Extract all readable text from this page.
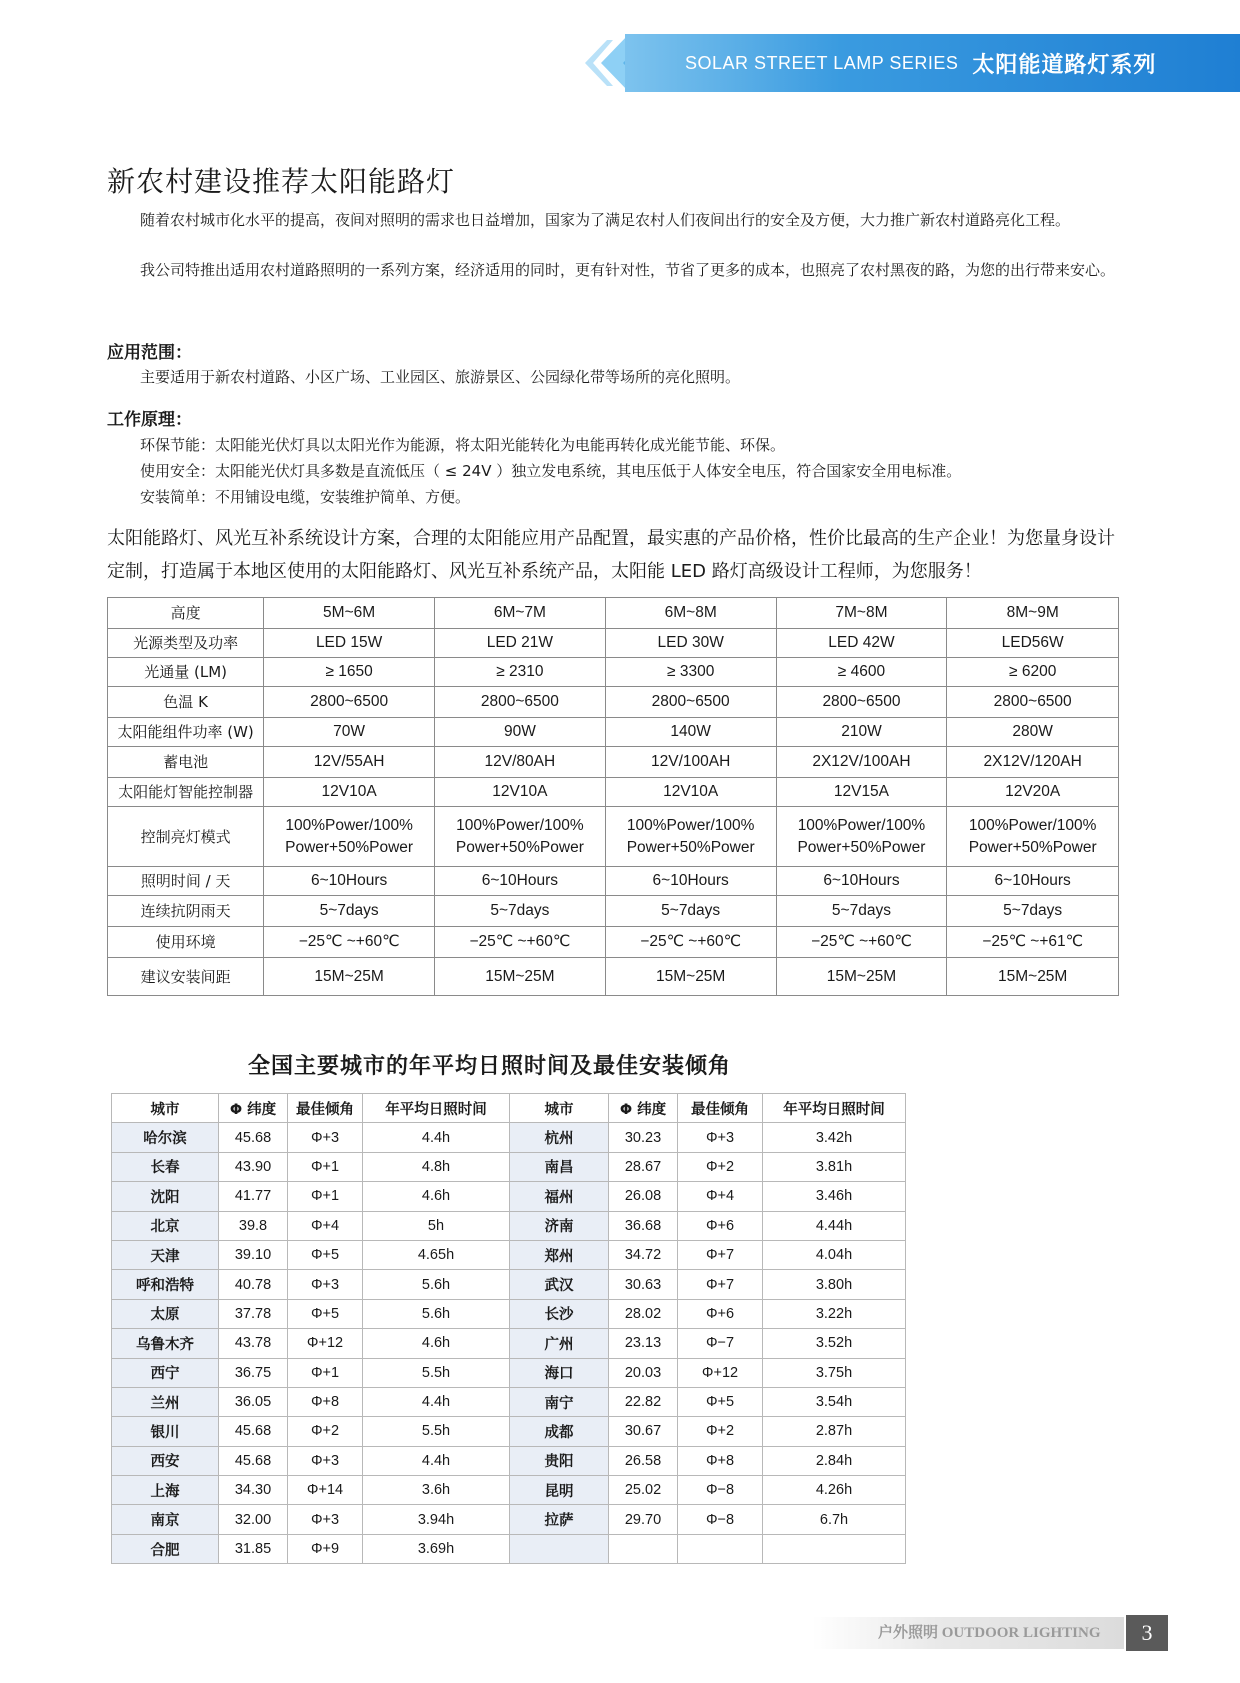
SOLAR STREET LAMP SERIES 太阳能道路灯系列
新农村建设推荐太阳能路灯

随着农村城市化水平的提高，夜间对照明的需求也日益增加，国家为了满足农村人们夜间出行的安全及方便，大力推广新农村道路亮化工程。

我公司特推出适用农村道路照明的一系列方案，经济适用的同时，更有针对性，节省了更多的成本，也照亮了农村黑夜的路，为您的出行带来安心。

应用范围：

主要适用于新农村道路、小区广场、工业园区、旅游景区、公园绿化带等场所的亮化照明。

工作原理：

环保节能：太阳能光伏灯具以太阳光作为能源，将太阳光能转化为电能再转化成光能节能、环保。

使用安全：太阳能光伏灯具多数是直流低压（ ≤ 24V ）独立发电系统，其电压低于人体安全电压，符合国家安全用电标准。

安装简单：不用铺设电缆，安装维护简单、方便。

太阳能路灯、风光互补系统设计方案，合理的太阳能应用产品配置，最实惠的产品价格，性价比最高的生产企业！为您量身设计定制，打造属于本地区使用的太阳能路灯、风光互补系统产品，太阳能 LED 路灯高级设计工程师，为您服务！

高度	5M~6M	6M~7M	6M~8M	7M~8M	8M~9M
光源类型及功率	LED 15W	LED 21W	LED 30W	LED 42W	LED56W
光通量 (LM)	≥ 1650	≥ 2310	≥ 3300	≥ 4600	≥ 6200
色温 K	2800~6500	2800~6500	2800~6500	2800~6500	2800~6500
太阳能组件功率 (W)	70W	90W	140W	210W	280W
蓄电池	12V/55AH	12V/80AH	12V/100AH	2X12V/100AH	2X12V/120AH
太阳能灯智能控制器	12V10A	12V10A	12V10A	12V15A	12V20A
控制亮灯模式	100%Power/100% Power+50%Power	100%Power/100% Power+50%Power	100%Power/100% Power+50%Power	100%Power/100% Power+50%Power	100%Power/100% Power+50%Power
照明时间 / 天	6~10Hours	6~10Hours	6~10Hours	6~10Hours	6~10Hours
连续抗阴雨天	5~7days	5~7days	5~7days	5~7days	5~7days
使用环境	−25℃ ~+60℃	−25℃ ~+60℃	−25℃ ~+60℃	−25℃ ~+60℃	−25℃ ~+61℃
建议安装间距	15M~25M	15M~25M	15M~25M	15M~25M	15M~25M
全国主要城市的年平均日照时间及最佳安装倾角
城市	Φ 纬度	最佳倾角	年平均日照时间	城市	Φ 纬度	最佳倾角	年平均日照时间
哈尔滨	45.68	Φ+3	4.4h	杭州	30.23	Φ+3	3.42h
长春	43.90	Φ+1	4.8h	南昌	28.67	Φ+2	3.81h
沈阳	41.77	Φ+1	4.6h	福州	26.08	Φ+4	3.46h
北京	39.8	Φ+4	5h	济南	36.68	Φ+6	4.44h
天津	39.10	Φ+5	4.65h	郑州	34.72	Φ+7	4.04h
呼和浩特	40.78	Φ+3	5.6h	武汉	30.63	Φ+7	3.80h
太原	37.78	Φ+5	5.6h	长沙	28.02	Φ+6	3.22h
乌鲁木齐	43.78	Φ+12	4.6h	广州	23.13	Φ−7	3.52h
西宁	36.75	Φ+1	5.5h	海口	20.03	Φ+12	3.75h
兰州	36.05	Φ+8	4.4h	南宁	22.82	Φ+5	3.54h
银川	45.68	Φ+2	5.5h	成都	30.67	Φ+2	2.87h
西安	45.68	Φ+3	4.4h	贵阳	26.58	Φ+8	2.84h
上海	34.30	Φ+14	3.6h	昆明	25.02	Φ−8	4.26h
南京	32.00	Φ+3	3.94h	拉萨	29.70	Φ−8	6.7h
合肥	31.85	Φ+9	3.69h				
户外照明 OUTDOOR LIGHTING	3
